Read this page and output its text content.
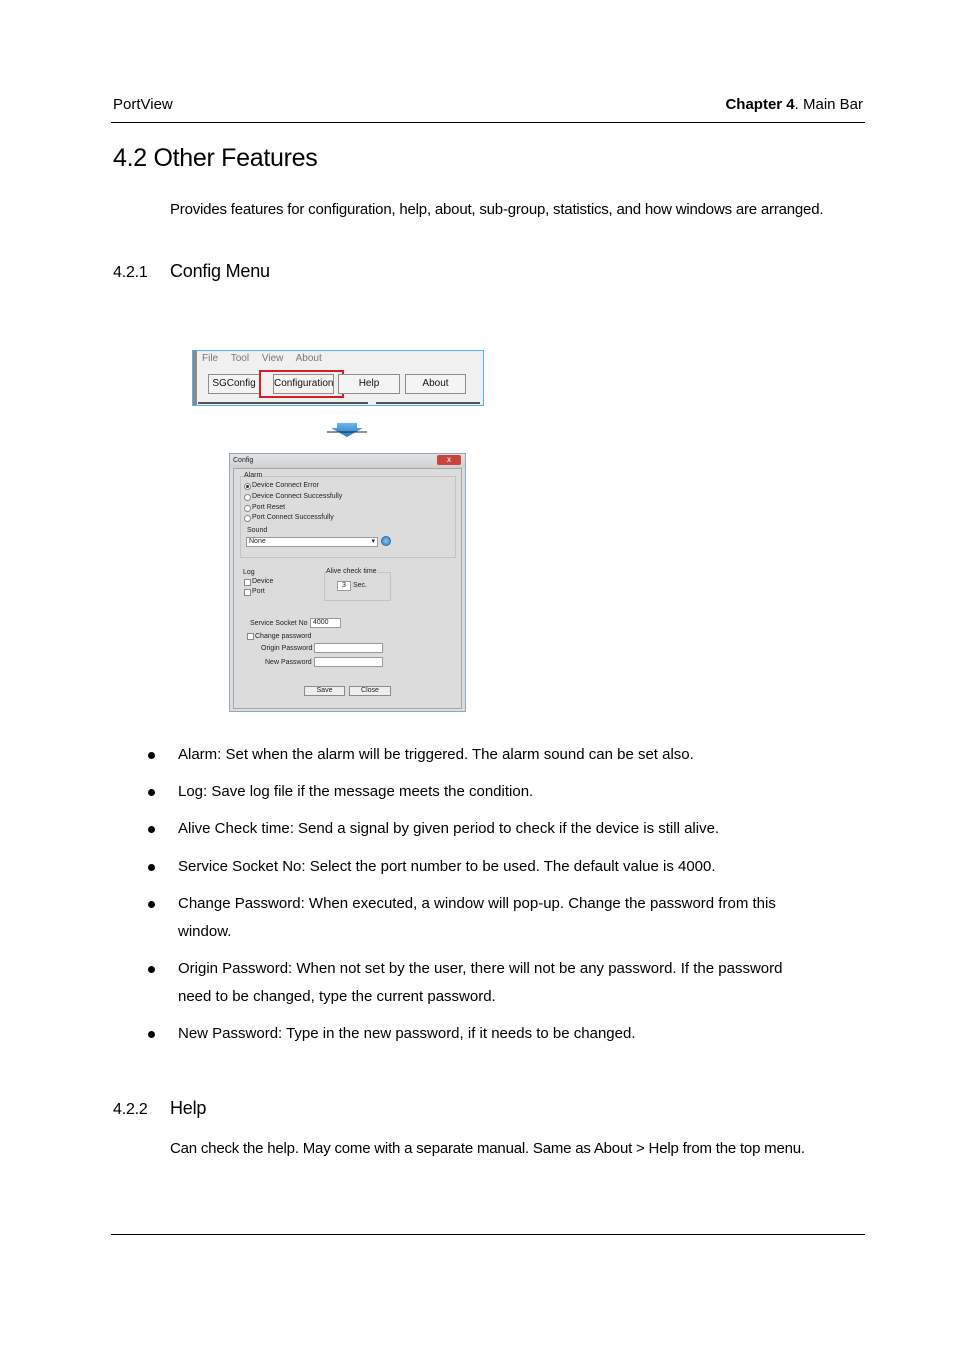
PortView	Chapter 4. Main Bar
4.2 Other Features
Provides features for configuration, help, about, sub-group, statistics, and how windows are arranged.
4.2.1 Config Menu
File Tool View About
SGConfig	Configuration	Help	About
Config	x
Alarm
Device Connect Error
Device Connect Successfully
Port Reset
Port Connect Successfully
Sound
None	▾
Log
Device
Port
Alive check time
3	Sec.
Service Socket No 4000
Change password
Origin Password
New Password
Save	Close
Alarm: Set when the alarm will be triggered. The alarm sound can be set also.
Log: Save log file if the message meets the condition.
Alive Check time: Send a signal by given period to check if the device is still alive.
Service Socket No: Select the port number to be used. The default value is 4000.
Change Password: When executed, a window will pop-up. Change the password from this
window.
Origin Password: When not set by the user, there will not be any password. If the password
need to be changed, type the current password.
New Password: Type in the new password, if it needs to be changed.
4.2.2 Help
Can check the help. May come with a separate manual. Same as About > Help from the top menu.
